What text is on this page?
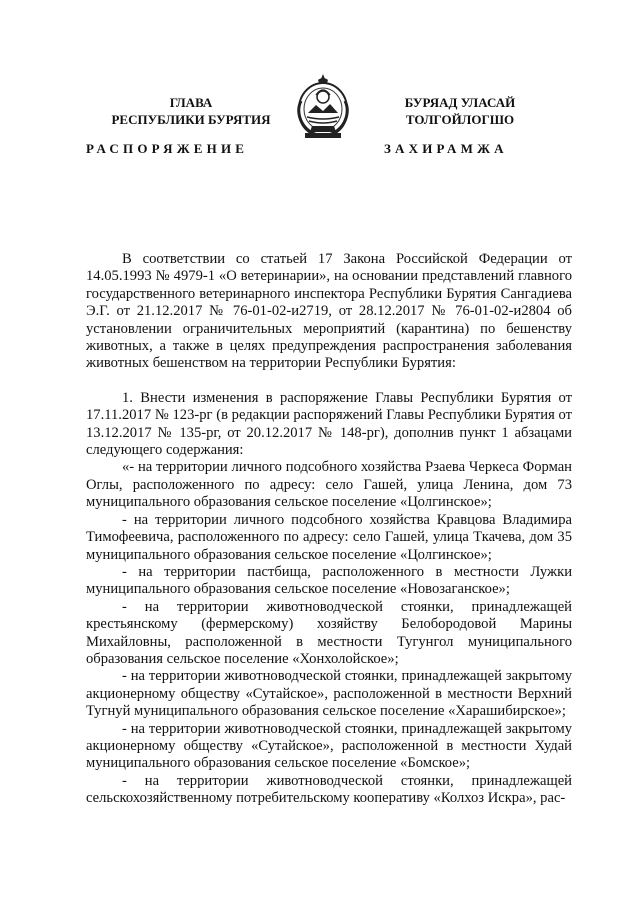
ГЛАВА
РЕСПУБЛИКИ БУРЯТИЯ
БУРЯАД УЛАСАЙ
ТОЛГОЙЛОГШО
РАСПОРЯЖЕНИЕ	ЗАХИРАМЖА

В соответствии со статьей 17 Закона Российской Федерации от 14.05.1993 № 4979-1 «О ветеринарии», на основании представлений главного государственного ветеринарного инспектора Республики Бурятия Сангадиева Э.Г. от 21.12.2017 № 76-01-02-и2719, от 28.12.2017 № 76-01-02-и2804 об установлении ограничительных мероприятий (карантина) по бешенству животных, а также в целях предупреждения распространения заболевания животных бешенством на территории Республики Бурятия:

1. Внести изменения в распоряжение Главы Республики Бурятия от 17.11.2017 № 123-рг (в редакции распоряжений Главы Республики Бурятия от 13.12.2017 № 135-рг, от 20.12.2017 № 148-рг), дополнив пункт 1 абзацами следующего содержания:

«- на территории личного подсобного хозяйства Рзаева Черкеса Форман Оглы, расположенного по адресу: село Гашей, улица Ленина, дом 73 муниципального образования сельское поселение «Цолгинское»;

- на территории личного подсобного хозяйства Кравцова Владимира Тимофеевича, расположенного по адресу: село Гашей, улица Ткачева, дом 35 муниципального образования сельское поселение «Цолгинское»;

- на территории пастбища, расположенного в местности Лужки муниципального образования сельское поселение «Новозаганское»;

- на территории животноводческой стоянки, принадлежащей крестьянскому (фермерскому) хозяйству Белобородовой Марины Михайловны, расположенной в местности Тугунгол муниципального образования сельское поселение «Хонхолойское»;

- на территории животноводческой стоянки, принадлежащей закрытому акционерному обществу «Сутайское», расположенной в местности Верхний Тугнуй муниципального образования сельское поселение «Харашибирское»;

- на территории животноводческой стоянки, принадлежащей закрытому акционерному обществу «Сутайское», расположенной в местности Худай муниципального образования сельское поселение «Бомское»;

- на территории животноводческой стоянки, принадлежащей сельскохозяйственному потребительскому кооперативу «Колхоз Искра», рас-
